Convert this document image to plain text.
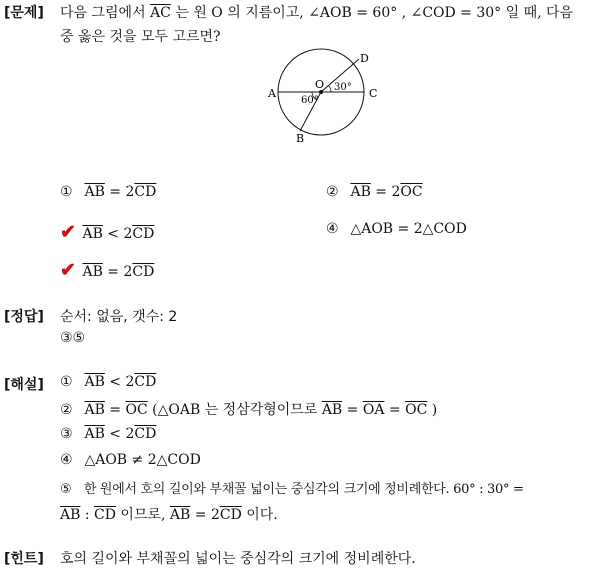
[문제] 다음 그림에서 $\overline{AC}$ 는 원 O 의 지름이고, ∠AOB = 60° , ∠COD = 30° 일 때, 다음
중 옳은 것을 모두 고르면?
A	C
D
B
O
60°
30°
① $\overline{AB} = 2\overline{CD}$	② $\overline{AB} = 2\overline{OC}$
✔ $\overline{AB} < 2\overline{CD}$	④ △AOB = 2△COD
✔ $\overline{AB} = 2\overline{CD}$
[정답] 순서: 없음, 갯수: 2
③⑤
[해설] ① $\overline{AB} < 2\overline{CD}$
② $\overline{AB} = \overline{OC}$ (△OAB 는 정삼각형이므로 $\overline{AB} = \overline{OA} = \overline{OC}$ )
③ $\overline{AB} < 2\overline{CD}$
④ △AOB ≠ 2△COD
⑤ 한 원에서 호의 길이와 부채꼴 넓이는 중심각의 크기에 정비례한다. 60° : 30° =
$\overline{AB}$ : $\overline{CD}$ 이므로, $\overline{AB} = 2\overline{CD}$ 이다.
[힌트] 호의 길이와 부채꼴의 넓이는 중심각의 크기에 정비례한다.
